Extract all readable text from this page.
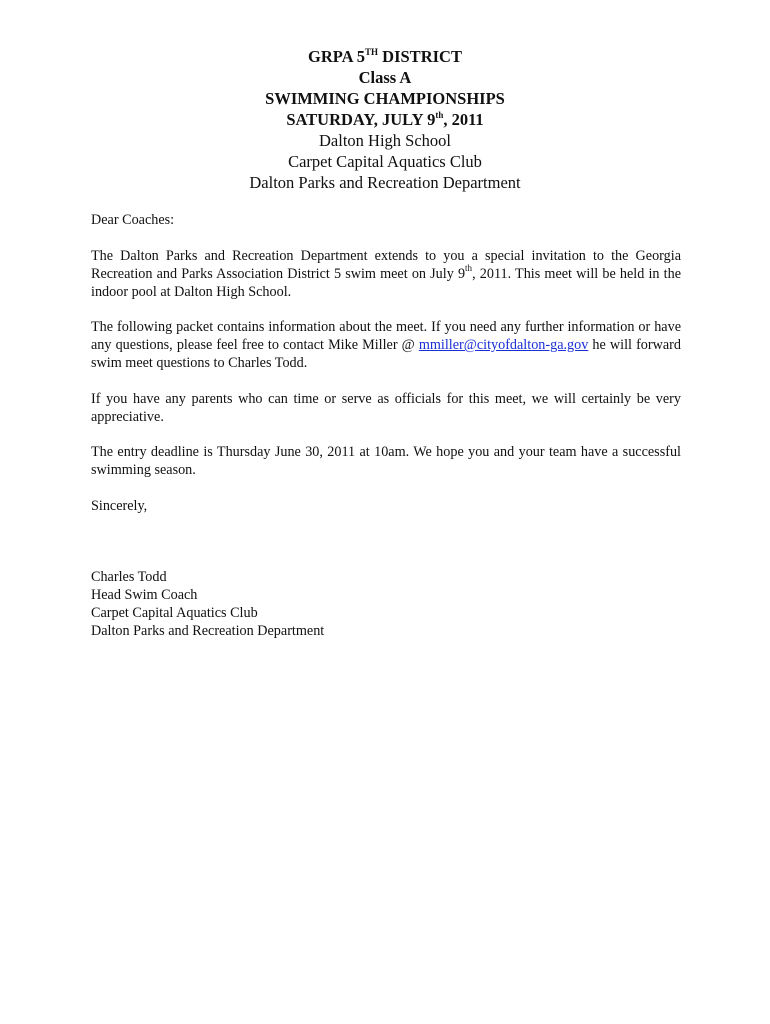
GRPA 5TH DISTRICT
Class A
SWIMMING CHAMPIONSHIPS
SATURDAY, JULY 9th, 2011
Dalton High School
Carpet Capital Aquatics Club
Dalton Parks and Recreation Department
Dear Coaches:
The Dalton Parks and Recreation Department extends to you a special invitation to the Georgia Recreation and Parks Association District 5 swim meet on July 9th, 2011. This meet will be held in the indoor pool at Dalton High School.
The following packet contains information about the meet. If you need any further information or have any questions, please feel free to contact Mike Miller @ mmiller@cityofdalton-ga.gov he will forward swim meet questions to Charles Todd.
If you have any parents who can time or serve as officials for this meet, we will certainly be very appreciative.
The entry deadline is Thursday June 30, 2011 at 10am. We hope you and your team have a successful swimming season.
Sincerely,
Charles Todd
Head Swim Coach
Carpet Capital Aquatics Club
Dalton Parks and Recreation Department
